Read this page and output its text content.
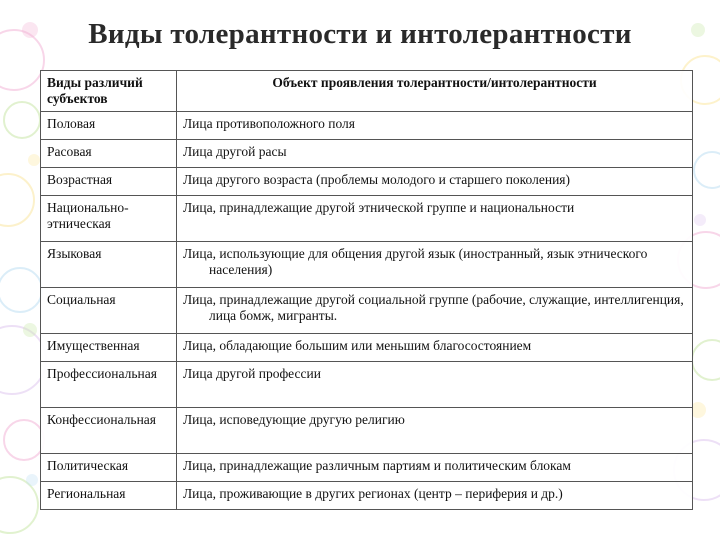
Виды толерантности и интолерантности
Виды различий субъектов	Объект проявления толерантности/интолерантности
Половая	Лица противоположного поля
Расовая	Лица другой расы
Возрастная	Лица другого возраста (проблемы молодого и старшего поколения)
Национально-этническая	Лица, принадлежащие другой этнической группе и национальности
Языковая	Лица, использующие для общения другой язык (иностранный, язык этнического населения)

Социальная	Лица, принадлежащие другой социальной группе (рабочие, служащие, интеллигенция, лица бомж, мигранты.

Имущественная	Лица, обладающие большим или меньшим благосостоянием
Профессиональная	Лица другой профессии
Конфессиональная	Лица, исповедующие другую религию
Политическая	Лица, принадлежащие различным партиям и политическим блокам
Региональная	Лица, проживающие в других регионах (центр – периферия и др.)
